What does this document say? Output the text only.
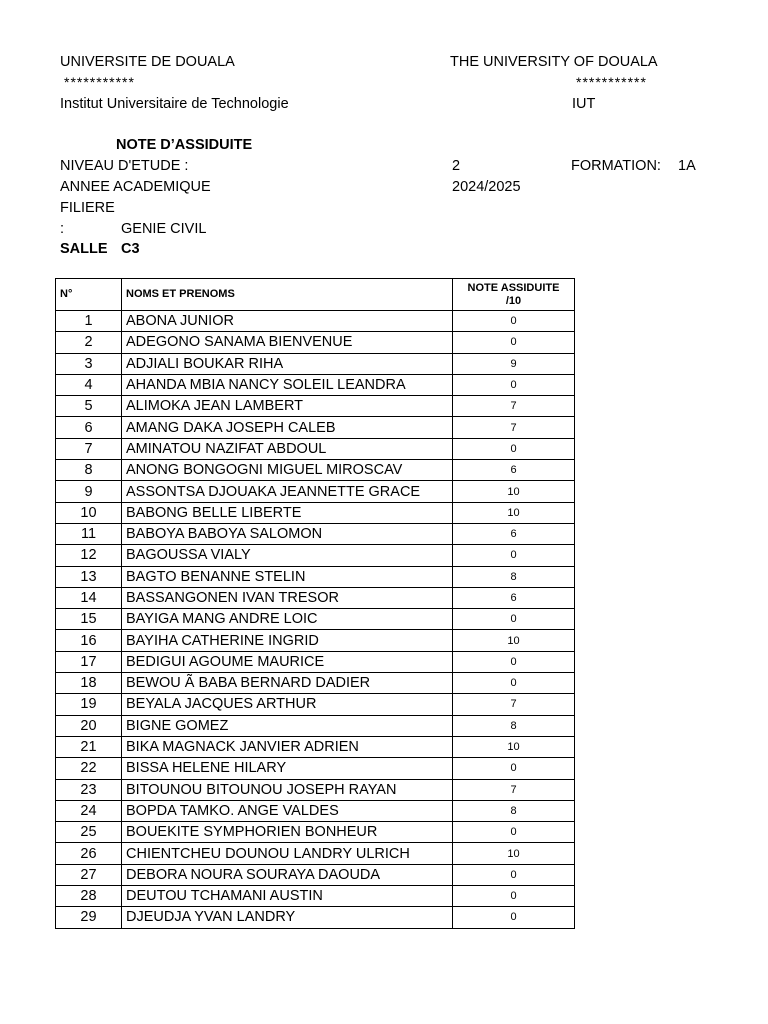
UNIVERSITE DE DOUALA	THE UNIVERSITY OF DOUALA
***********	***********
Institut Universitaire de Technologie	IUT
NOTE D’ASSIDUITE
NIVEAU D'ETUDE :	2	FORMATION: 1A
ANNEE ACADEMIQUE	2024/2025
FILIERE
:	GENIE CIVIL
SALLE C3
N°	NOMS ET PRENOMS	NOTE ASSIDUITE
/10
1	ABONA JUNIOR	0
2	ADEGONO SANAMA BIENVENUE	0
3	ADJIALI BOUKAR RIHA	9
4	AHANDA MBIA NANCY SOLEIL LEANDRA	0
5	ALIMOKA JEAN LAMBERT	7
6	AMANG DAKA JOSEPH CALEB	7
7	AMINATOU NAZIFAT ABDOUL	0
8	ANONG BONGOGNI MIGUEL MIROSCAV	6
9	ASSONTSA DJOUAKA JEANNETTE GRACE	10
10	BABONG BELLE LIBERTE	10
11	BABOYA BABOYA SALOMON	6
12	BAGOUSSA VIALY	0
13	BAGTO BENANNE STELIN	8
14	BASSANGONEN IVAN TRESOR	6
15	BAYIGA MANG ANDRE LOIC	0
16	BAYIHA CATHERINE INGRID	10
17	BEDIGUI AGOUME MAURICE	0
18	BEWOU Ã BABA BERNARD DADIER	0
19	BEYALA JACQUES ARTHUR	7
20	BIGNE GOMEZ	8
21	BIKA MAGNACK JANVIER ADRIEN	10
22	BISSA HELENE HILARY	0
23	BITOUNOU BITOUNOU JOSEPH RAYAN	7
24	BOPDA TAMKO. ANGE VALDES	8
25	BOUEKITE SYMPHORIEN BONHEUR	0
26	CHIENTCHEU DOUNOU LANDRY ULRICH	10
27	DEBORA NOURA SOURAYA DAOUDA	0
28	DEUTOU TCHAMANI AUSTIN	0
29	DJEUDJA YVAN LANDRY	0
